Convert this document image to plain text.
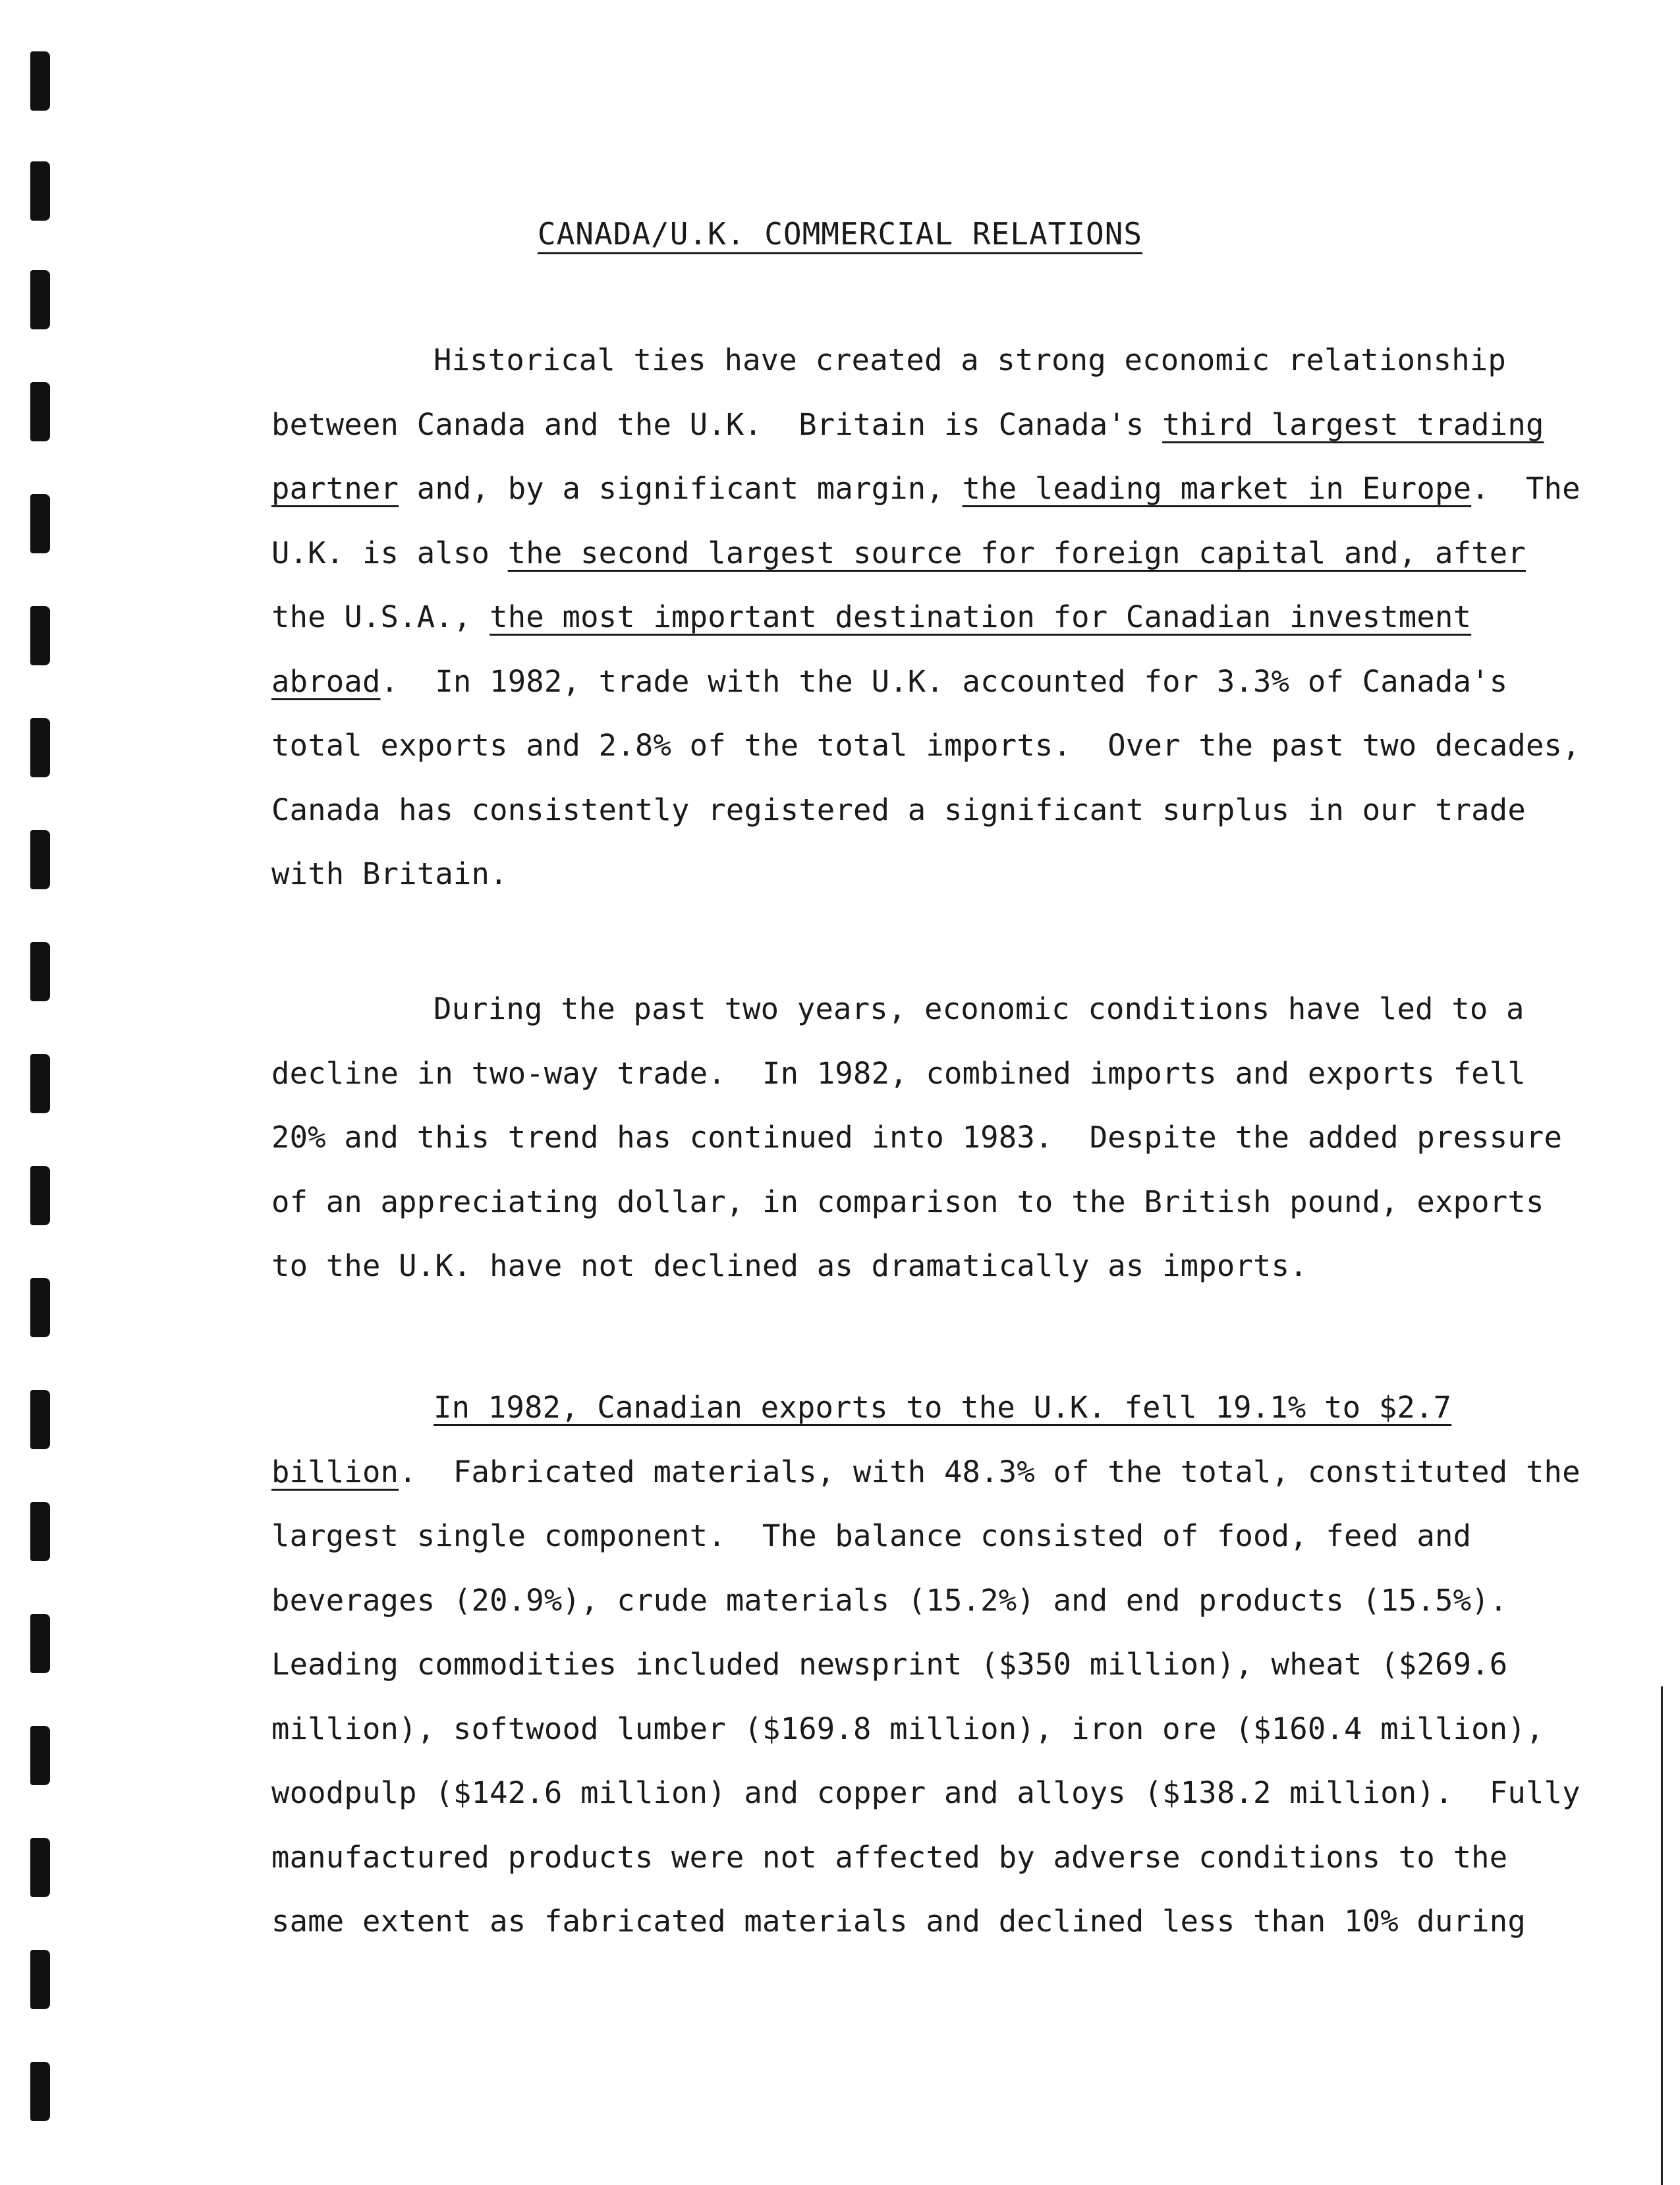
CANADA/U.K. COMMERCIAL RELATIONS
Historical ties have created a strong economic relationship
between Canada and the U.K.  Britain is Canada's third largest trading
partner and, by a significant margin, the leading market in Europe.  The
U.K. is also the second largest source for foreign capital and, after
the U.S.A., the most important destination for Canadian investment
abroad.  In 1982, trade with the U.K. accounted for 3.3% of Canada's
total exports and 2.8% of the total imports.  Over the past two decades,
Canada has consistently registered a significant surplus in our trade
with Britain.
During the past two years, economic conditions have led to a
decline in two-way trade.  In 1982, combined imports and exports fell
20% and this trend has continued into 1983.  Despite the added pressure
of an appreciating dollar, in comparison to the British pound, exports
to the U.K. have not declined as dramatically as imports.
In 1982, Canadian exports to the U.K. fell 19.1% to $2.7
billion.  Fabricated materials, with 48.3% of the total, constituted the
largest single component.  The balance consisted of food, feed and
beverages (20.9%), crude materials (15.2%) and end products (15.5%).
Leading commodities included newsprint ($350 million), wheat ($269.6
million), softwood lumber ($169.8 million), iron ore ($160.4 million),
woodpulp ($142.6 million) and copper and alloys ($138.2 million).  Fully
manufactured products were not affected by adverse conditions to the
same extent as fabricated materials and declined less than 10% during
